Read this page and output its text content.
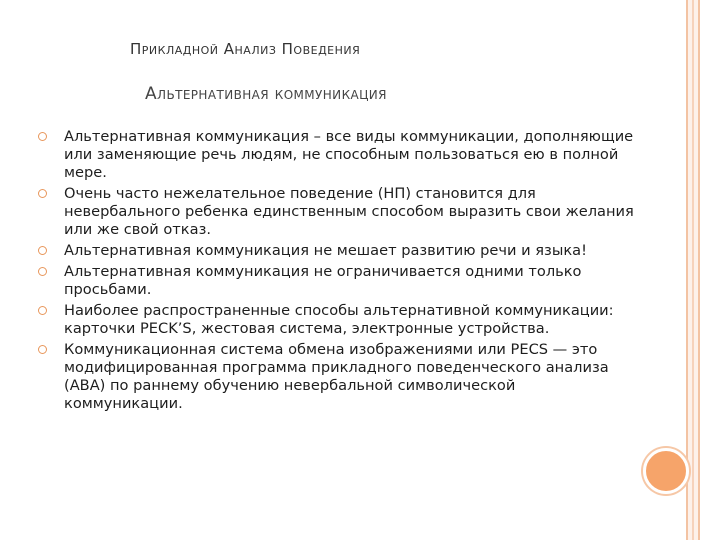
Прикладной Анализ Поведения
Альтернативная коммуникация
Альтернативная коммуникация – все виды коммуникации, дополняющие или заменяющие речь людям, не способным пользоваться ею в полной мере.
Очень часто нежелательное поведение (НП) становится для невербального ребенка единственным способом выразить свои желания или же свой отказ.
Альтернативная коммуникация не мешает развитию речи и языка!
Альтернативная коммуникация не ограничивается одними только просьбами.
Наиболее распространенные способы альтернативной коммуникации: карточки PECK’S, жестовая система, электронные устройства.
Коммуникационная система обмена изображениями или PECS — это модифицированная программа прикладного поведенческого анализа (ABA) по раннему обучению невербальной символической коммуникации.
